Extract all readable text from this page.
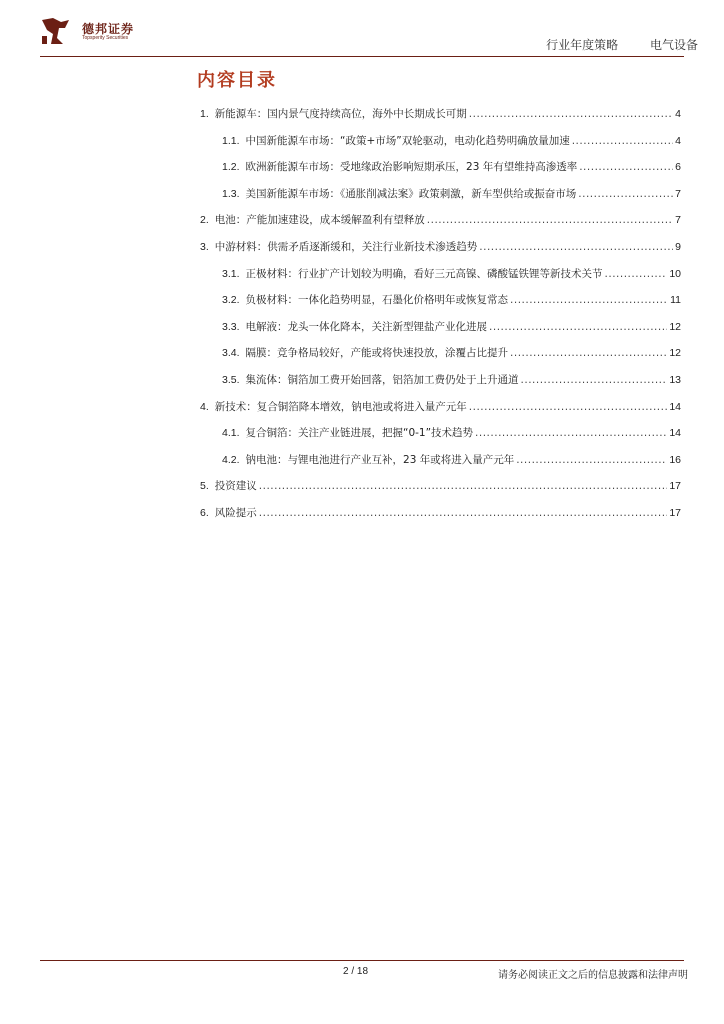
德邦证券
Topsperity Securities	行业年度策略	电气设备
内容目录
1. 新能源车：国内景气度持续高位，海外中长期成长可期 .....	4
1.1. 中国新能源车市场：“政策+市场”双轮驱动，电动化趋势明确放量加速 .....	4
1.2. 欧洲新能源车市场：受地缘政治影响短期承压，23 年有望维持高渗透率 .....	6
1.3. 美国新能源车市场：《通胀削减法案》政策刺激，新车型供给或振奋市场 .....	7
2. 电池：产能加速建设，成本缓解盈利有望释放 .....	7
3. 中游材料：供需矛盾逐渐缓和，关注行业新技术渗透趋势 .....	9
3.1. 正极材料：行业扩产计划较为明确，看好三元高镍、磷酸锰铁锂等新技术关节 .....	10
3.2. 负极材料：一体化趋势明显，石墨化价格明年或恢复常态 .....	11
3.3. 电解液：龙头一体化降本，关注新型锂盐产业化进展 .....	12
3.4. 隔膜：竞争格局较好，产能或将快速投放，涂覆占比提升 .....	12
3.5. 集流体：铜箔加工费开始回落，铝箔加工费仍处于上升通道 .....	13
4. 新技术：复合铜箔降本增效，钠电池或将进入量产元年 .....	14
4.1. 复合铜箔：关注产业链进展，把握“0-1”技术趋势 .....	14
4.2. 钠电池：与锂电池进行产业互补，23 年或将进入量产元年 .....	16
5. 投资建议 .....	17
6. 风险提示 .....	17
2 / 18	请务必阅读正文之后的信息披露和法律声明
